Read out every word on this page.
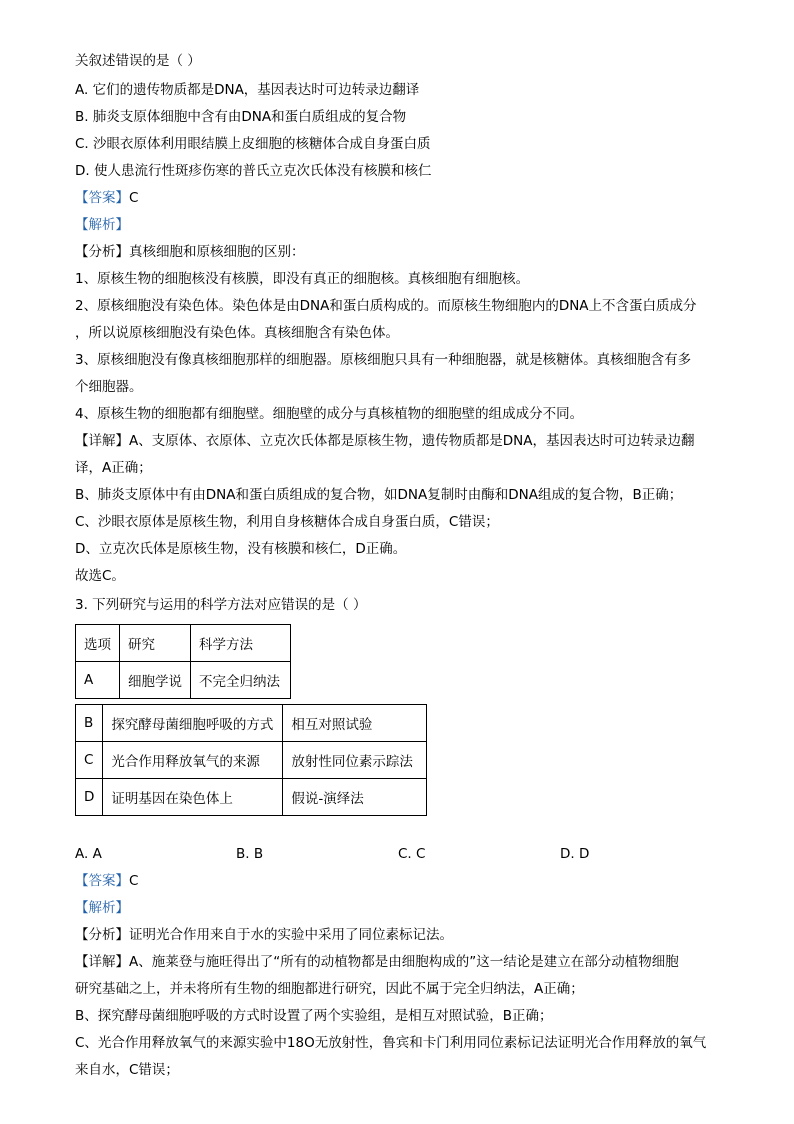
关叙述错误的是（ ）
A. 它们的遗传物质都是DNA，基因表达时可边转录边翻译
B. 肺炎支原体细胞中含有由DNA和蛋白质组成的复合物
C. 沙眼衣原体利用眼结膜上皮细胞的核糖体合成自身蛋白质
D. 使人患流行性斑疹伤寒的普氏立克次氏体没有核膜和核仁
【答案】C
【解析】
【分析】真核细胞和原核细胞的区别：
1、原核生物的细胞核没有核膜，即没有真正的细胞核。真核细胞有细胞核。
2、原核细胞没有染色体。染色体是由DNA和蛋白质构成的。而原核生物细胞内的DNA上不含蛋白质成分
，所以说原核细胞没有染色体。真核细胞含有染色体。
3、原核细胞没有像真核细胞那样的细胞器。原核细胞只具有一种细胞器，就是核糖体。真核细胞含有多
个细胞器。
4、原核生物的细胞都有细胞壁。细胞壁的成分与真核植物的细胞壁的组成成分不同。
【详解】A、支原体、衣原体、立克次氏体都是原核生物，遗传物质都是DNA，基因表达时可边转录边翻
译，A正确；
B、肺炎支原体中有由DNA和蛋白质组成的复合物，如DNA复制时由酶和DNA组成的复合物，B正确；
C、沙眼衣原体是原核生物，利用自身核糖体合成自身蛋白质，C错误；
D、立克次氏体是原核生物，没有核膜和核仁，D正确。
故选C。
3. 下列研究与运用的科学方法对应错误的是（ ）
选项	研究	科学方法
A	细胞学说	不完全归纳法
B	探究酵母菌细胞呼吸的方式	相互对照试验
C	光合作用释放氧气的来源	放射性同位素示踪法
D	证明基因在染色体上	假说-演绎法
A. A	B. B	C. C	D. D
【答案】C
【解析】
【分析】证明光合作用来自于水的实验中采用了同位素标记法。
【详解】A、施莱登与施旺得出了“所有的动植物都是由细胞构成的”这一结论是建立在部分动植物细胞
研究基础之上，并未将所有生物的细胞都进行研究，因此不属于完全归纳法，A正确；
B、探究酵母菌细胞呼吸的方式时设置了两个实验组，是相互对照试验，B正确；
C、光合作用释放氧气的来源实验中18O无放射性，鲁宾和卡门利用同位素标记法证明光合作用释放的氧气
来自水，C错误；
